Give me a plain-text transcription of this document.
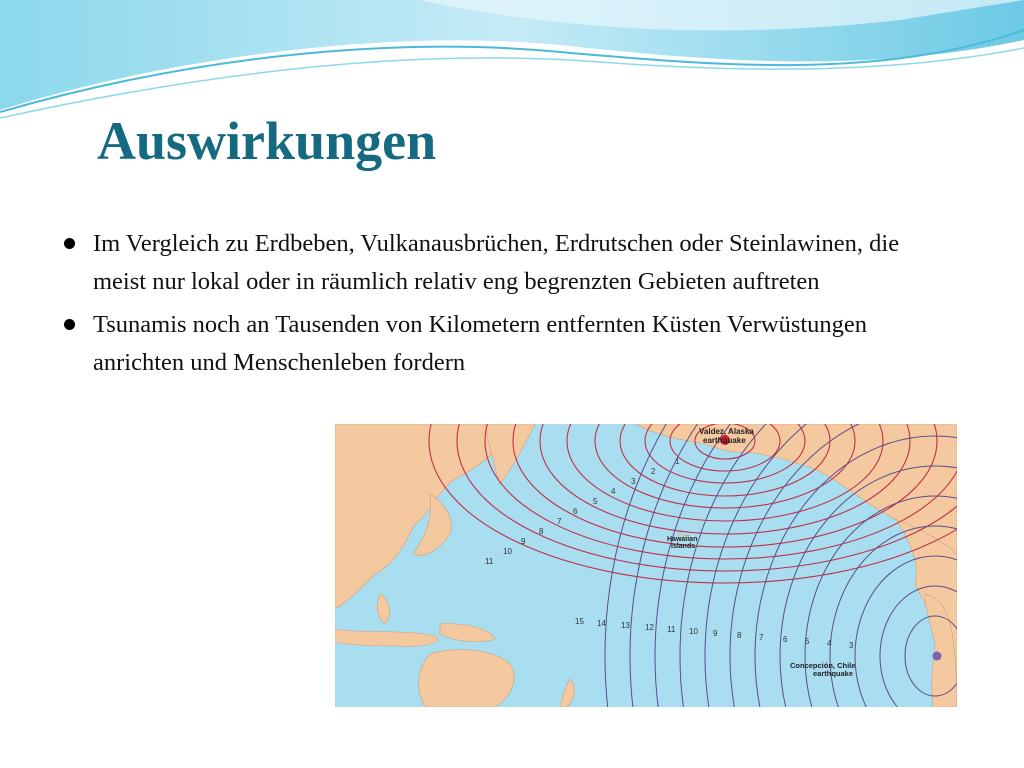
Auswirkungen
Im Vergleich zu Erdbeben, Vulkanausbrüchen, Erdrutschen oder Steinlawinen, die meist nur lokal oder in räumlich relativ eng begrenzten Gebieten auftreten
Tsunamis noch an Tausenden von Kilometern entfernten Küsten Verwüstungen anrichten und Menschenleben fordern
1
2
3
4
5
6
7
8
9
10
11
15 14 13 12 11 10 9 8 7 6 5 4 3
Valdez, Alaska
earthquake
Hawaiian
Islands
Concepción, Chile
earthquake
